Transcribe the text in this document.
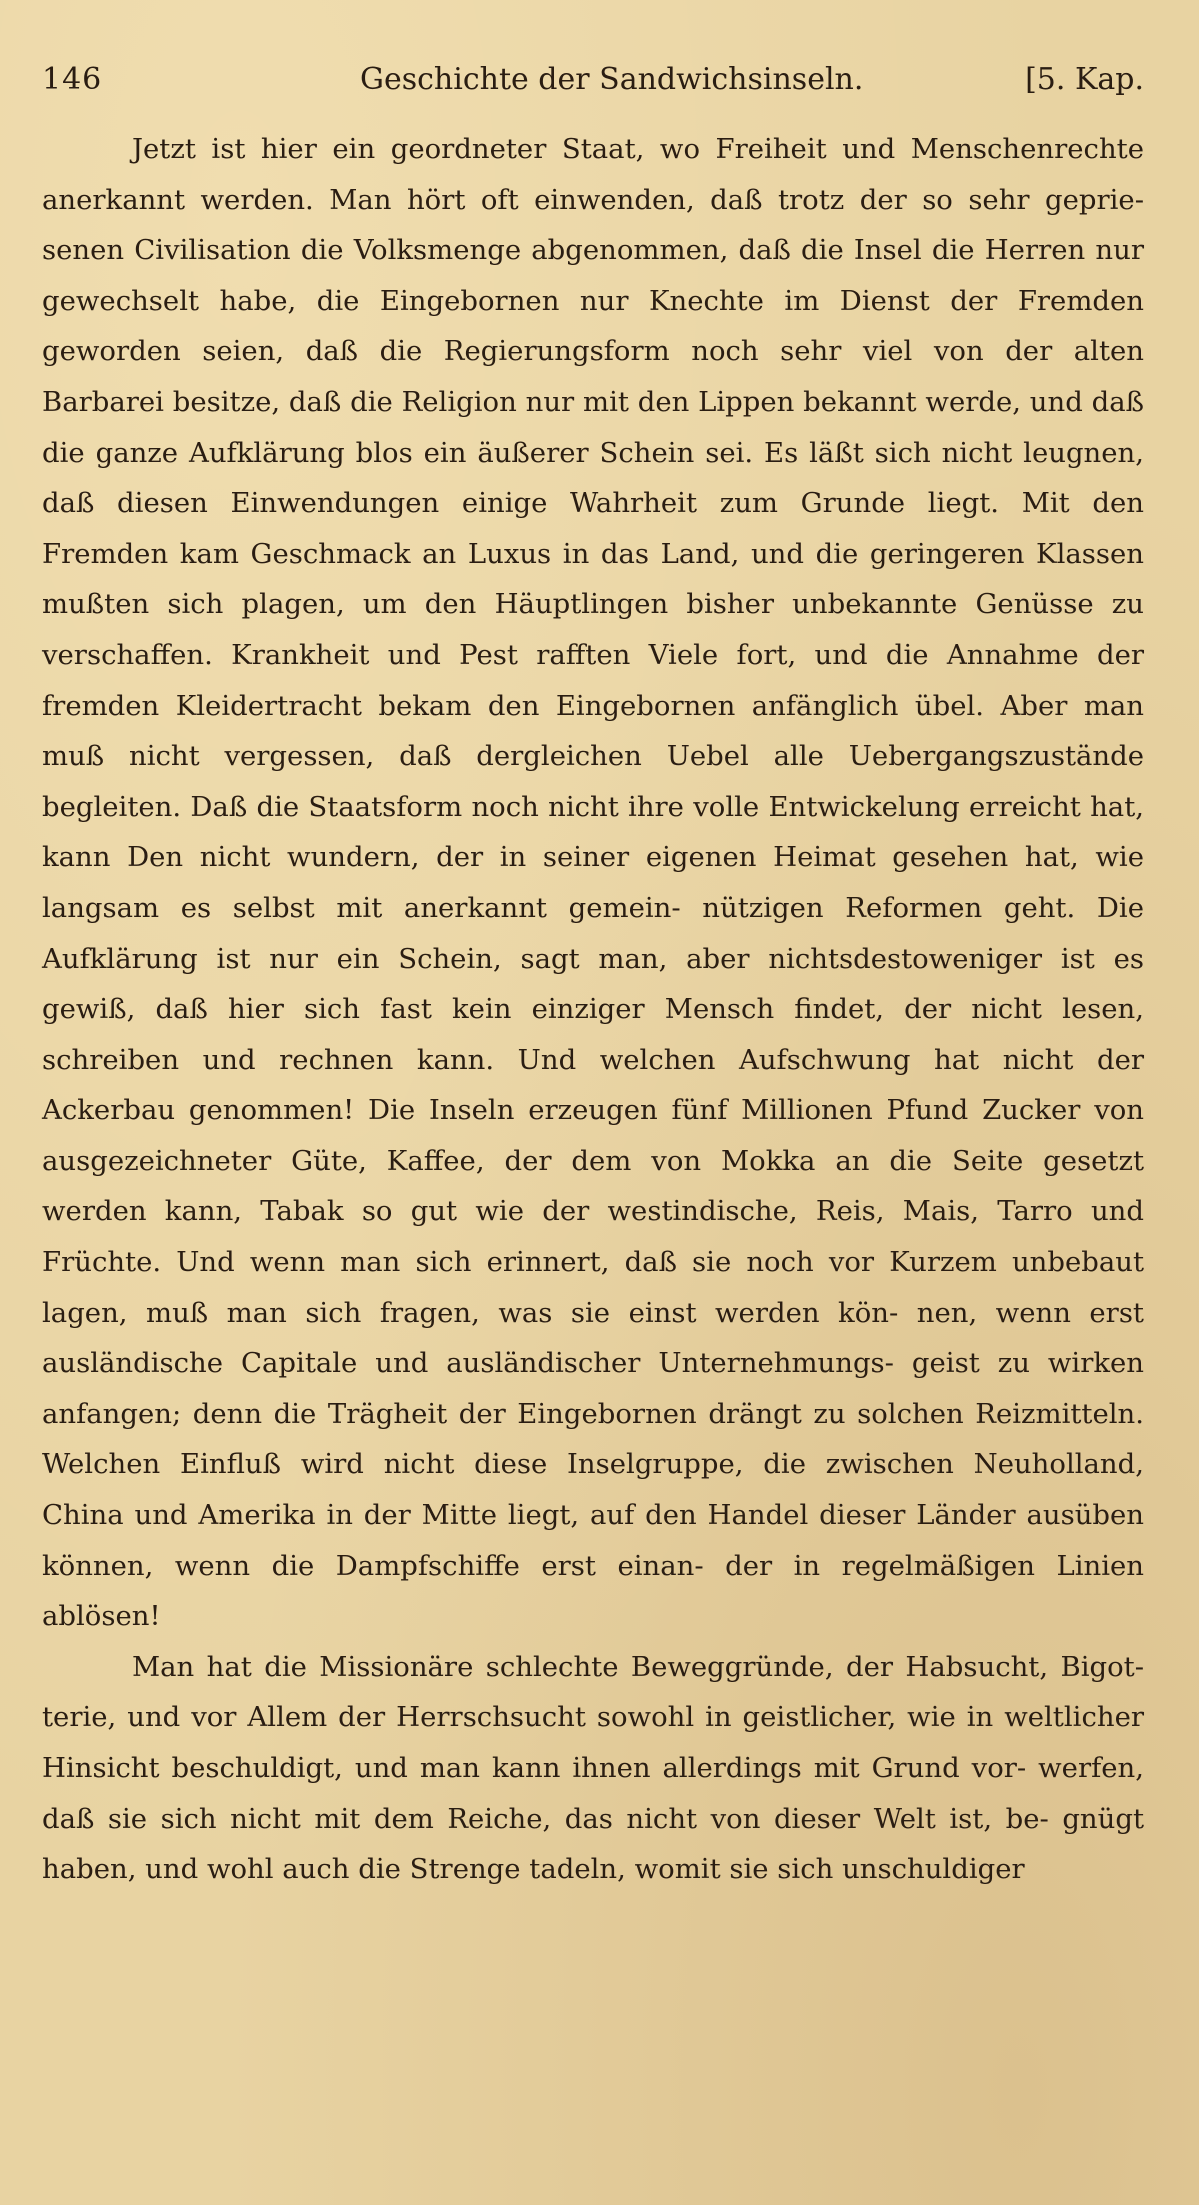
146	Geschichte der Sandwichsinseln.	[5. Kap.

Jetzt ist hier ein geordneter Staat, wo Freiheit und Menschenrechte anerkannt werden. Man hört oft einwenden, daß trotz der so sehr geprie- senen Civilisation die Volksmenge abgenommen, daß die Insel die Herren nur gewechselt habe, die Eingebornen nur Knechte im Dienst der Fremden geworden seien, daß die Regierungsform noch sehr viel von der alten Barbarei besitze, daß die Religion nur mit den Lippen bekannt werde, und daß die ganze Aufklärung blos ein äußerer Schein sei. Es läßt sich nicht leugnen, daß diesen Einwendungen einige Wahrheit zum Grunde liegt. Mit den Fremden kam Geschmack an Luxus in das Land, und die geringeren Klassen mußten sich plagen, um den Häuptlingen bisher unbekannte Genüsse zu verschaffen. Krankheit und Pest rafften Viele fort, und die Annahme der fremden Kleidertracht bekam den Eingebornen anfänglich übel. Aber man muß nicht vergessen, daß dergleichen Uebel alle Uebergangszustände begleiten. Daß die Staatsform noch nicht ihre volle Entwickelung erreicht hat, kann Den nicht wundern, der in seiner eigenen Heimat gesehen hat, wie langsam es selbst mit anerkannt gemein- nützigen Reformen geht. Die Aufklärung ist nur ein Schein, sagt man, aber nichtsdestoweniger ist es gewiß, daß hier sich fast kein einziger Mensch findet, der nicht lesen, schreiben und rechnen kann. Und welchen Aufschwung hat nicht der Ackerbau genommen! Die Inseln erzeugen fünf Millionen Pfund Zucker von ausgezeichneter Güte, Kaffee, der dem von Mokka an die Seite gesetzt werden kann, Tabak so gut wie der westindische, Reis, Mais, Tarro und Früchte. Und wenn man sich erinnert, daß sie noch vor Kurzem unbebaut lagen, muß man sich fragen, was sie einst werden kön- nen, wenn erst ausländische Capitale und ausländischer Unternehmungs- geist zu wirken anfangen; denn die Trägheit der Eingebornen drängt zu solchen Reizmitteln. Welchen Einfluß wird nicht diese Inselgruppe, die zwischen Neuholland, China und Amerika in der Mitte liegt, auf den Handel dieser Länder ausüben können, wenn die Dampfschiffe erst einan- der in regelmäßigen Linien ablösen!

Man hat die Missionäre schlechte Beweggründe, der Habsucht, Bigot- terie, und vor Allem der Herrschsucht sowohl in geistlicher, wie in weltlicher Hinsicht beschuldigt, und man kann ihnen allerdings mit Grund vor- werfen, daß sie sich nicht mit dem Reiche, das nicht von dieser Welt ist, be- gnügt haben, und wohl auch die Strenge tadeln, womit sie sich unschuldiger
